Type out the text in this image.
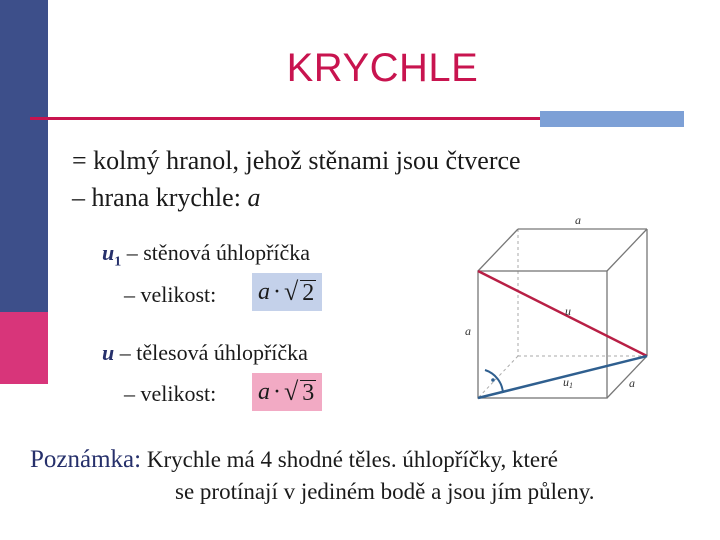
KRYCHLE
= kolmý hranol, jehož stěnami jsou čtverce
– hrana krychle: a
$u_1$ – stěnová úhlopříčka
– velikost: a · √ 2
u – tělesová úhlopříčka
– velikost: a · √ 3
a
a
a
u
u1
Poznámka: Krychle má 4 shodné těles. úhlopříčky, které
se protínají v jediném bodě a jsou jím půleny.
